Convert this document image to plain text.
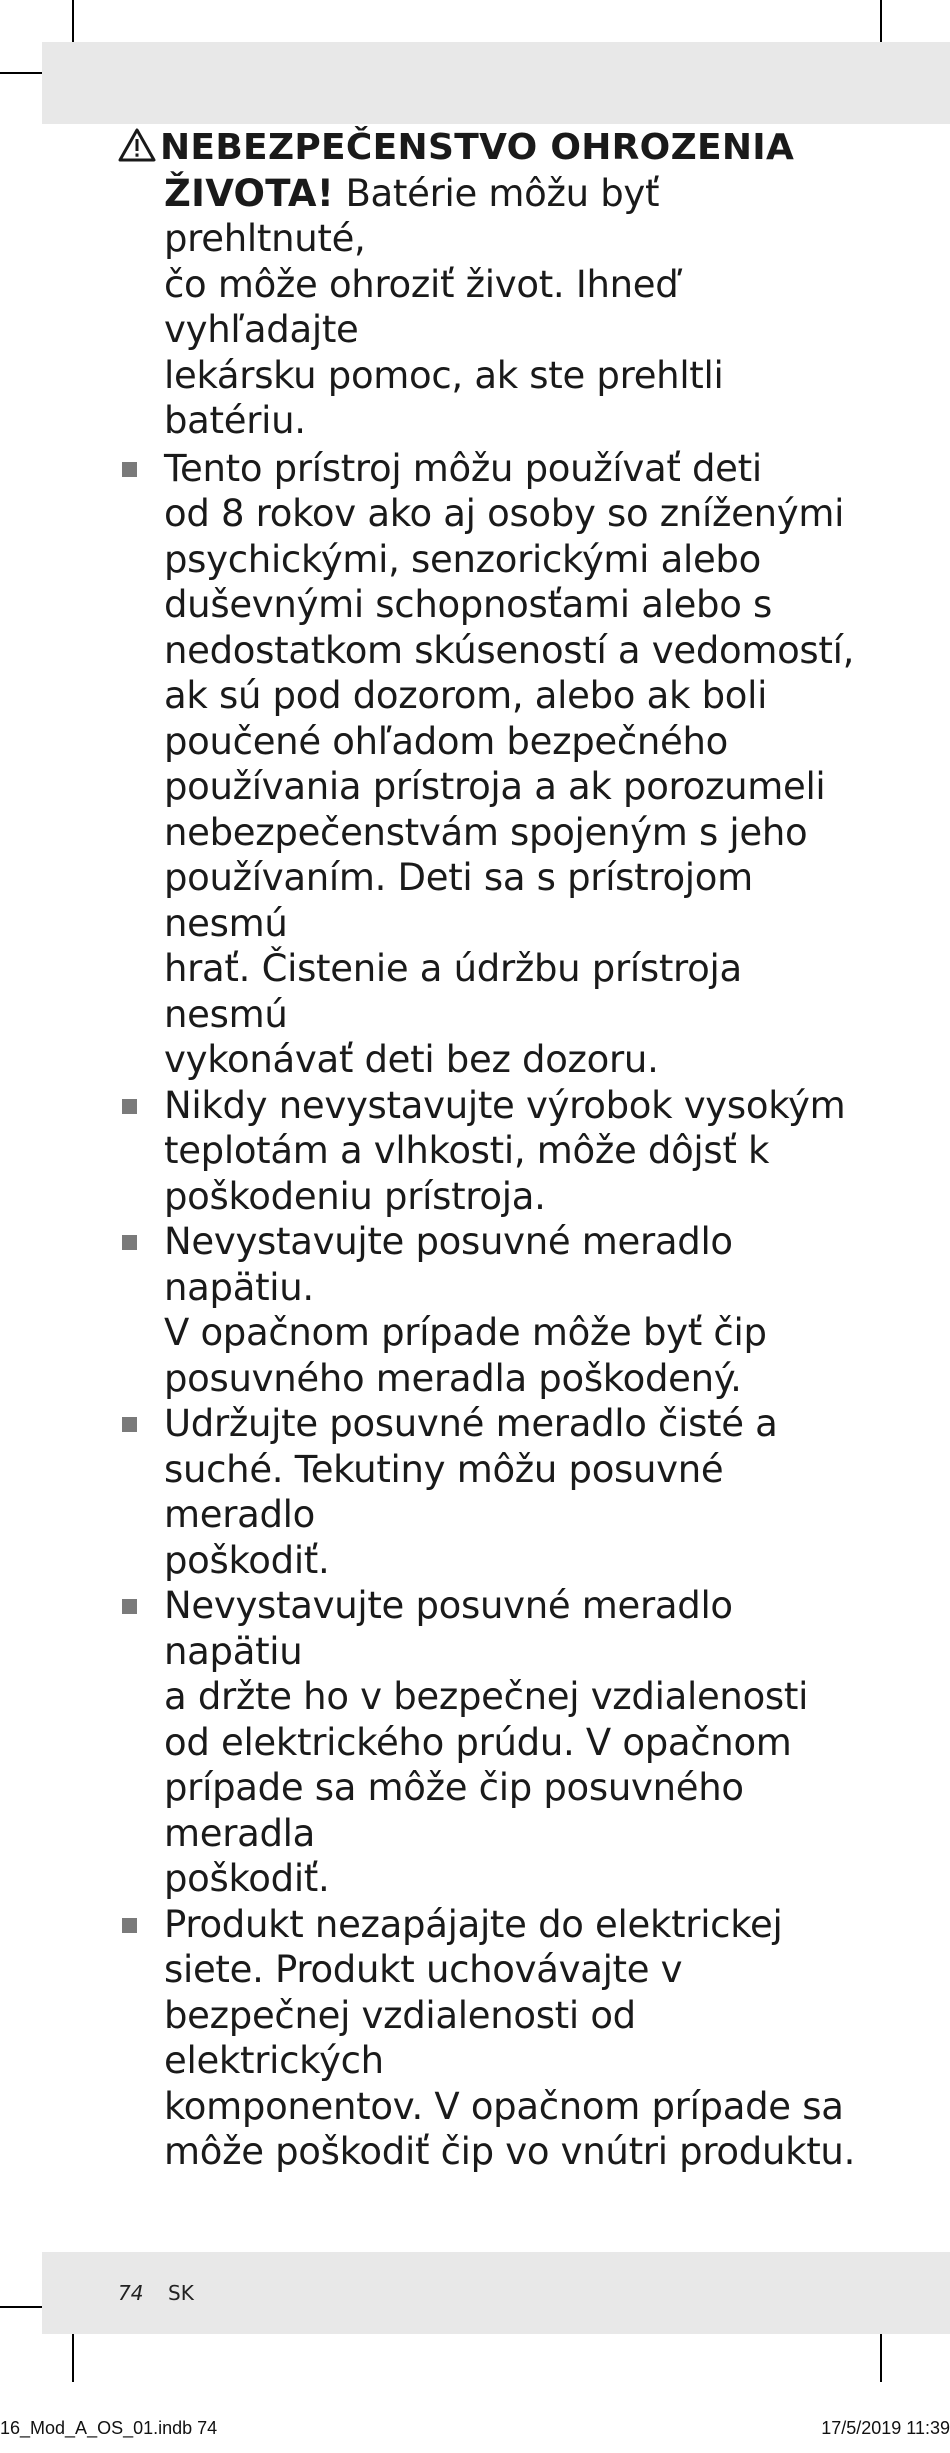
NEBEZPEČENSTVO OHROZENIA
ŽIVOTA! Batérie môžu byť prehltnuté,
čo môže ohroziť život. Ihneď vyhľadajte
lekársku pomoc, ak ste prehltli batériu.
Tento prístroj môžu používať deti
od 8 rokov ako aj osoby so zníženými
psychickými, senzorickými alebo
duševnými schopnosťami alebo s
nedostatkom skúseností a vedomostí,
ak sú pod dozorom, alebo ak boli
poučené ohľadom bezpečného
používania prístroja a ak porozumeli
nebezpečenstvám spojeným s jeho
používaním. Deti sa s prístrojom nesmú
hrať. Čistenie a údržbu prístroja nesmú
vykonávať deti bez dozoru.
Nikdy nevystavujte výrobok vysokým
teplotám a vlhkosti, môže dôjsť k
poškodeniu prístroja.
Nevystavujte posuvné meradlo napätiu.
V opačnom prípade môže byť čip
posuvného meradla poškodený.
Udržujte posuvné meradlo čisté a
suché. Tekutiny môžu posuvné meradlo
poškodiť.
Nevystavujte posuvné meradlo napätiu
a držte ho v bezpečnej vzdialenosti
od elektrického prúdu. V opačnom
prípade sa môže čip posuvného meradla
poškodiť.
Produkt nezapájajte do elektrickej
siete. Produkt uchovávajte v
bezpečnej vzdialenosti od elektrických
komponentov. V opačnom prípade sa
môže poškodiť čip vo vnútri produktu.
74 SK
16_Mod_A_OS_01.indb 74	17/5/2019 11:39
